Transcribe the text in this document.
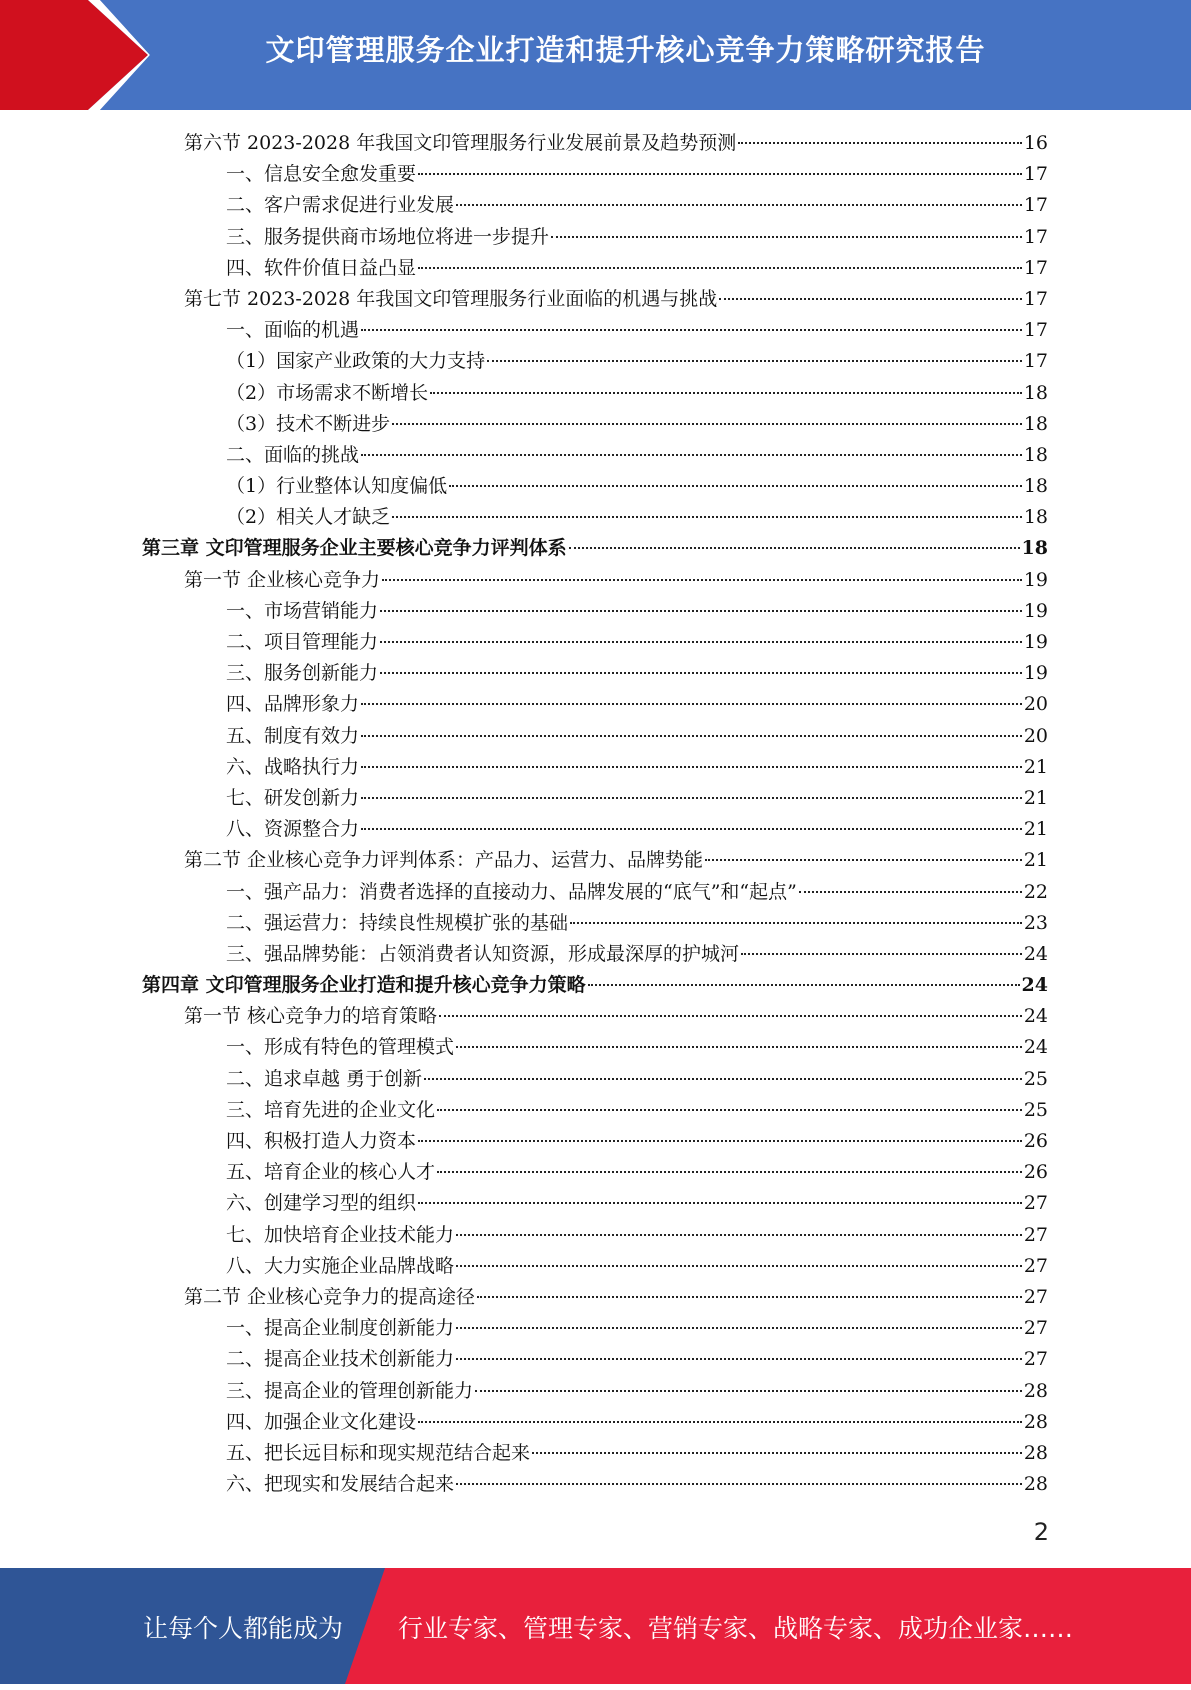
文印管理服务企业打造和提升核心竞争力策略研究报告
第六节 2023-2028 年我国文印管理服务行业发展前景及趋势预测	16
一、信息安全愈发重要	17
二、客户需求促进行业发展	17
三、服务提供商市场地位将进一步提升	17
四、软件价值日益凸显	17
第七节 2023-2028 年我国文印管理服务行业面临的机遇与挑战	17
一、面临的机遇	17
（1）国家产业政策的大力支持	17
（2）市场需求不断增长	18
（3）技术不断进步	18
二、面临的挑战	18
（1）行业整体认知度偏低	18
（2）相关人才缺乏	18
第三章 文印管理服务企业主要核心竞争力评判体系	18
第一节 企业核心竞争力	19
一、市场营销能力	19
二、项目管理能力	19
三、服务创新能力	19
四、品牌形象力	20
五、制度有效力	20
六、战略执行力	21
七、研发创新力	21
八、资源整合力	21
第二节 企业核心竞争力评判体系：产品力、运营力、品牌势能	21
一、强产品力：消费者选择的直接动力、品牌发展的“底气”和“起点”	22
二、强运营力：持续良性规模扩张的基础	23
三、强品牌势能：占领消费者认知资源，形成最深厚的护城河	24
第四章 文印管理服务企业打造和提升核心竞争力策略	24
第一节 核心竞争力的培育策略	24
一、形成有特色的管理模式	24
二、追求卓越 勇于创新	25
三、培育先进的企业文化	25
四、积极打造人力资本	26
五、培育企业的核心人才	26
六、创建学习型的组织	27
七、加快培育企业技术能力	27
八、大力实施企业品牌战略	27
第二节 企业核心竞争力的提高途径	27
一、提高企业制度创新能力	27
二、提高企业技术创新能力	27
三、提高企业的管理创新能力	28
四、加强企业文化建设	28
五、把长远目标和现实规范结合起来	28
六、把现实和发展结合起来	28
2
让每个人都能成为 行业专家、管理专家、营销专家、战略专家、成功企业家……
